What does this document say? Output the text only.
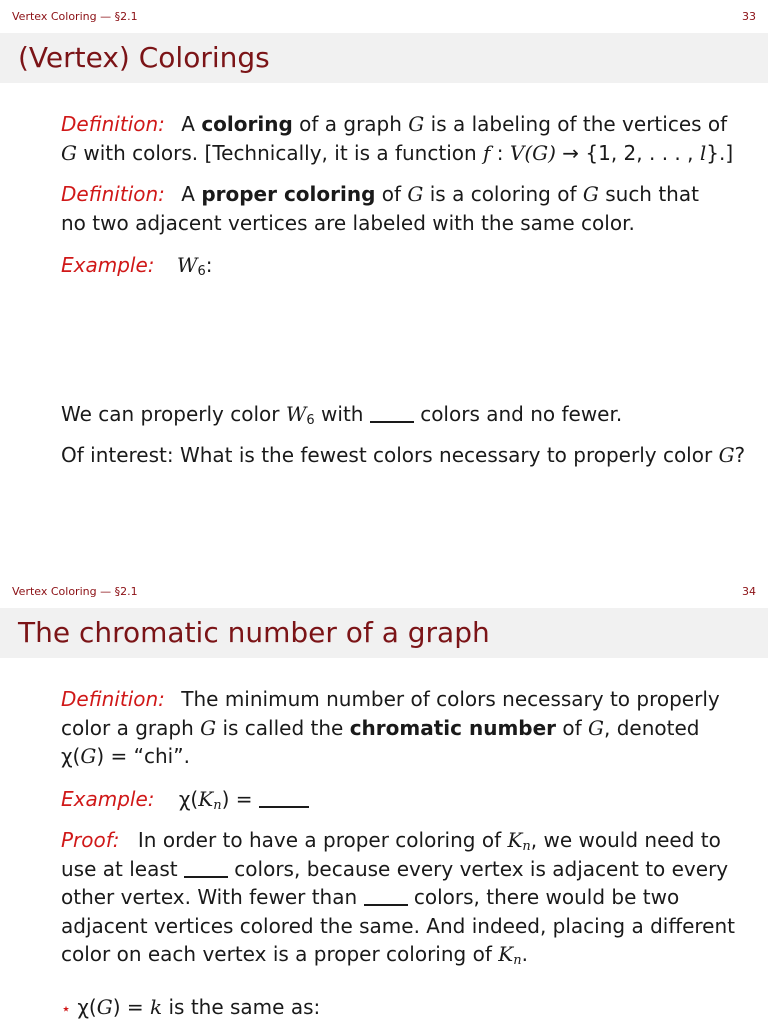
Vertex Coloring — §2.1	33
(Vertex) Colorings
Definition: A coloring of a graph G is a labeling of the vertices of
G with colors. [Technically, it is a function f : V(G) → {1, 2, . . . , l}.]
Definition: A proper coloring of G is a coloring of G such that
no two adjacent vertices are labeled with the same color.
Example: $W_6$:
We can properly color $W_6$ with  colors and no fewer.
Of interest: What is the fewest colors necessary to properly color G?
Vertex Coloring — §2.1	34
The chromatic number of a graph
Definition: The minimum number of colors necessary to properly
color a graph G is called the chromatic number of G, denoted
χ(G) = “chi”.
Example: $\chi(K_n)$ =
Proof: In order to have a proper coloring of $K_n$, we would need to
use at least  colors, because every vertex is adjacent to every
other vertex. With fewer than  colors, there would be two
adjacent vertices colored the same. And indeed, placing a different
color on each vertex is a proper coloring of $K_n$.
⋆ χ(G) = k is the same as:
